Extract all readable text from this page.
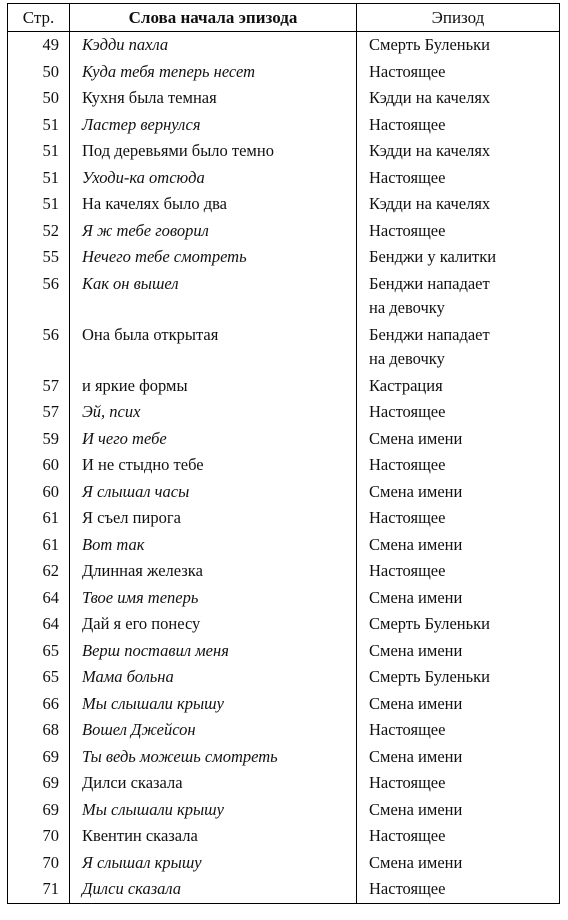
Стр.	Слова начала эпизода	Эпизод
49	Кэдди пахла	Смерть Буленьки

50	Куда тебя теперь несет	Настоящее

50	Кухня была темная	Кэдди на качелях

51	Ластер вернулся	Настоящее

51	Под деревьями было темно	Кэдди на качелях

51	Уходи-ка отсюда	Настоящее

51	На качелях было два	Кэдди на качелях

52	Я ж тебе говорил	Настоящее

55	Нечего тебе смотреть	Бенджи у калитки

56	Как он вышел	Бенджи нападает
на девочку

56	Она была открытая	Бенджи нападает
на девочку

57	и яркие формы	Кастрация

57	Эй, псих	Настоящее

59	И чего тебе	Смена имени

60	И не стыдно тебе	Настоящее

60	Я слышал часы	Смена имени

61	Я съел пирога	Настоящее

61	Вот так	Смена имени

62	Длинная железка	Настоящее

64	Твое имя теперь	Смена имени

64	Дай я его понесу	Смерть Буленьки

65	Верш поставил меня	Смена имени

65	Мама больна	Смерть Буленьки

66	Мы слышали крышу	Смена имени

68	Вошел Джейсон	Настоящее

69	Ты ведь можешь смотреть	Смена имени

69	Дилси сказала	Настоящее

69	Мы слышали крышу	Смена имени

70	Квентин сказала	Настоящее

70	Я слышал крышу	Смена имени

71	Дилси сказала	Настоящее
